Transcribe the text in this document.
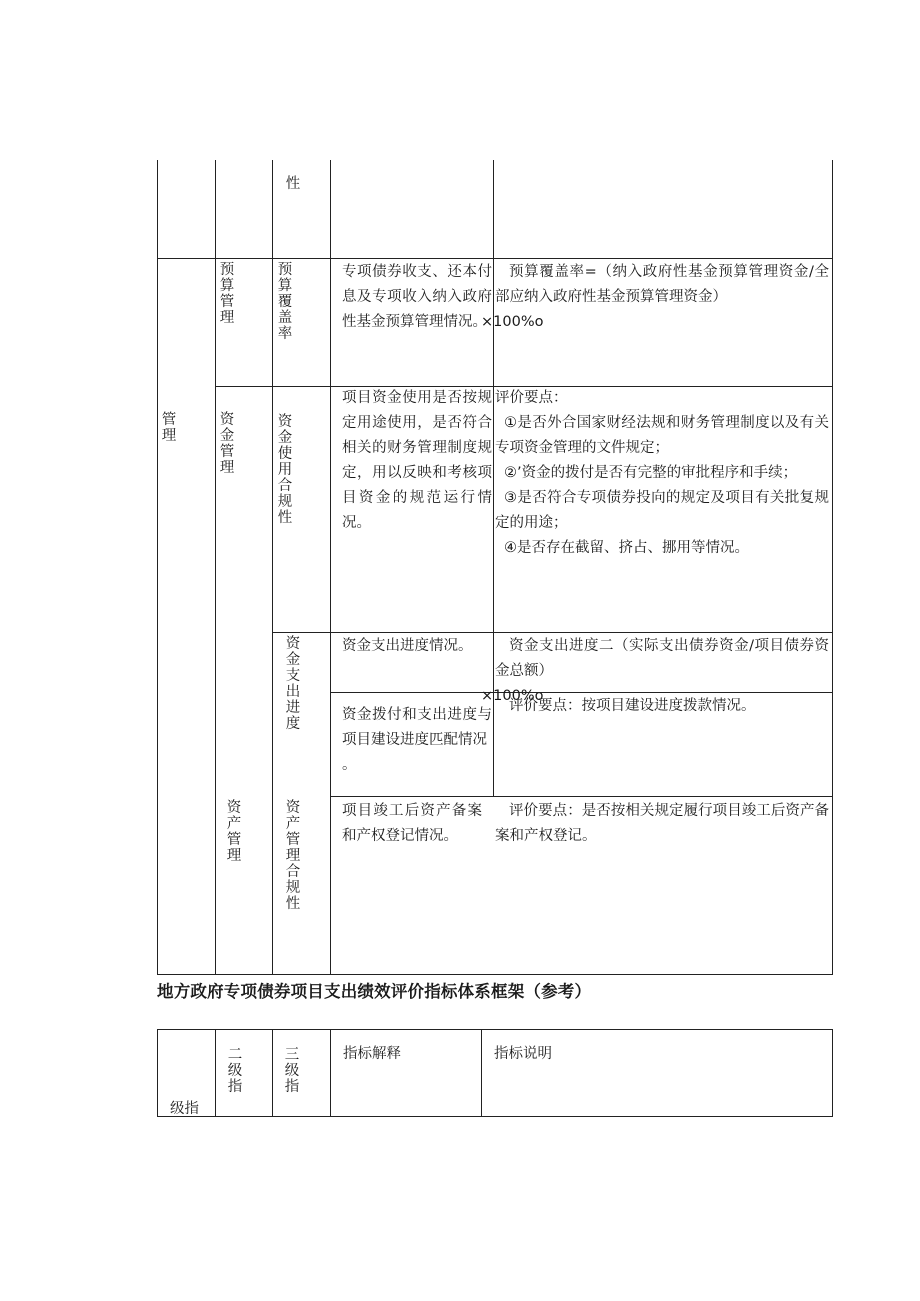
管理
预算管理
资金管理
资产管理
性
预算覆盖率
资金使用合规性
资金支出进度
资产管理合规性
专项债券收支、还本付息及专项收入纳入政府性基金预算管理情况。
预算覆盖率=（纳入政府性基金预算管理资金/全部应纳入政府性基金预算管理资金）
×100%o
项目资金使用是否按规定用途使用，是否符合相关的财务管理制度规定，用以反映和考核项目资金的规范运行情况。
评价要点：
①是否外合国家财经法规和财务管理制度以及有关专项资金管理的文件规定；
②’资金的拨付是否有完整的审批程序和手续；
③是否符合专项债券投向的规定及项目有关批复规定的用途；
④是否存在截留、挤占、挪用等情况。
资金支出进度情况。	资金支出进度二（实际支出债券资金/项目债券资金总额）
×100%o
资金拨付和支出进度与项目建设进度匹配情况
。
评价要点：按项目建设进度拨款情况。
项目竣工后资产备案和产权登记情况。
评价要点：是否按相关规定履行项目竣工后资产备案和产权登记。
地方政府专项债券项目支出绩效评价指标体系框架（参考）
级指
二级指
三级指
指标解释	指标说明
